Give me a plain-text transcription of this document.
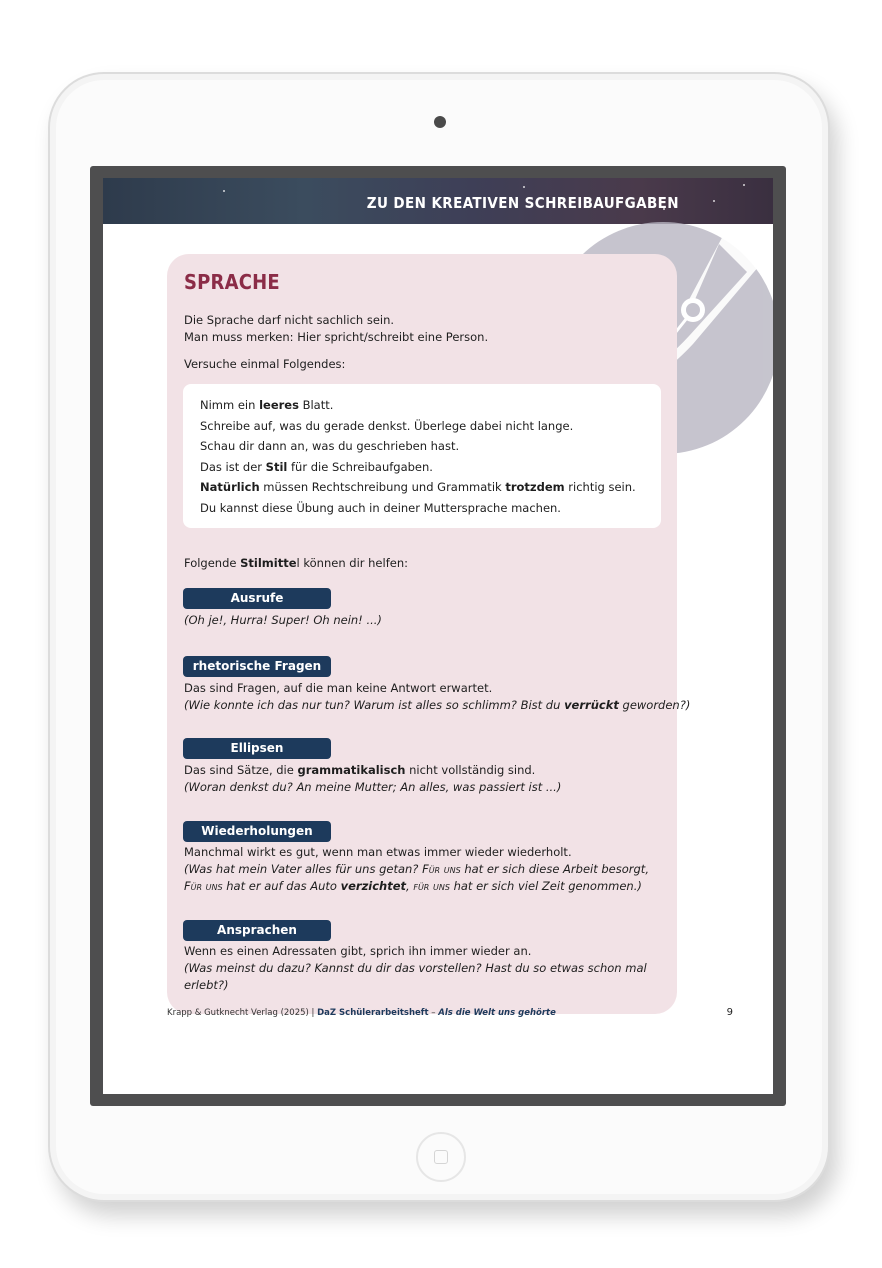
ZU DEN KREATIVEN SCHREIBAUFGABEN
SPRACHE
Die Sprache darf nicht sachlich sein.
Man muss merken: Hier spricht/schreibt eine Person.
Versuche einmal Folgendes:
Nimm ein leeres Blatt.
Schreibe auf, was du gerade denkst. Überlege dabei nicht lange.
Schau dir dann an, was du geschrieben hast.
Das ist der Stil für die Schreibaufgaben.
Natürlich müssen Rechtschreibung und Grammatik trotzdem richtig sein.
Du kannst diese Übung auch in deiner Muttersprache machen.
Folgende Stilmittel können dir helfen:
Ausrufe
(Oh je!, Hurra! Super! Oh nein! ...)
rhetorische Fragen
Das sind Fragen, auf die man keine Antwort erwartet.
(Wie konnte ich das nur tun? Warum ist alles so schlimm? Bist du verrückt geworden?)
Ellipsen
Das sind Sätze, die grammatikalisch nicht vollständig sind.
(Woran denkst du? An meine Mutter; An alles, was passiert ist ...)
Wiederholungen
Manchmal wirkt es gut, wenn man etwas immer wieder wiederholt.
(Was hat mein Vater alles für uns getan? Für uns hat er sich diese Arbeit besorgt,
Für uns hat er auf das Auto verzichtet, für uns hat er sich viel Zeit genommen.)
Ansprachen
Wenn es einen Adressaten gibt, sprich ihn immer wieder an.
(Was meinst du dazu? Kannst du dir das vorstellen? Hast du so etwas schon mal
erlebt?)
Krapp & Gutknecht Verlag (2025) | DaZ Schülerarbeitsheft – Als die Welt uns gehörte	9
